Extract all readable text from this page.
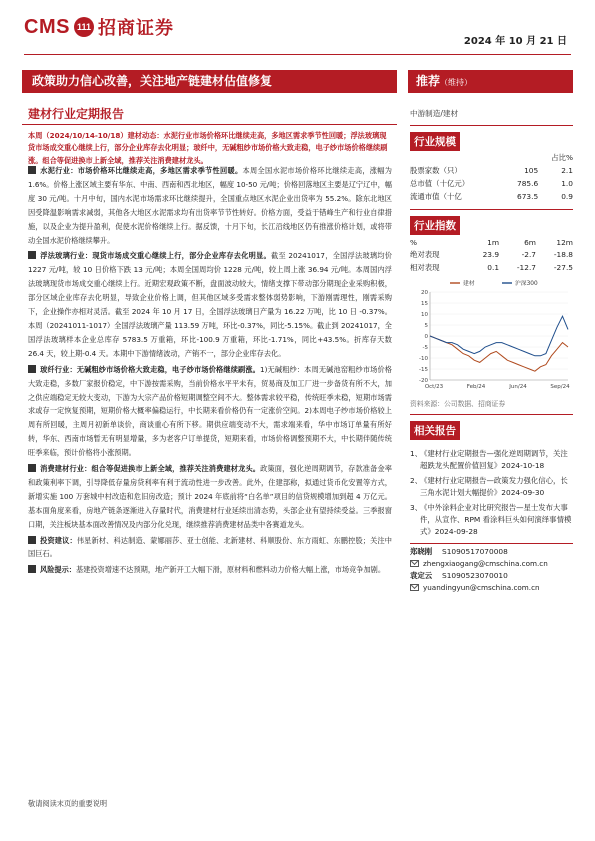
CMS 111 招商证券
2024 年 10 月 21 日
政策助力信心改善，关注地产链建材估值修复	推荐（维持）
建材行业定期报告
本周（2024/10/14-10/18）建材动态：水泥行业市场价格环比继续走高，多地区需求季节性回暖；浮法玻璃现货市场成交重心继续上行，部分企业库存去化明显；玻纤中，无碱粗纱市场价格大致走稳，电子纱市场价格继续刷涨。组合等促进换市上新全域，推荐关注消费建材龙头。

水泥行业：市场价格环比继续走高，多地区需求季节性回暖。本周全国水泥市场价格环比继续走高，涨幅为 1.6%。价格上涨区域主要有华东、中南、西南和西北地区，幅度 10-50 元/吨；价格回落地区主要是辽宁辽中，幅度 30 元/吨。十月中旬，国内水泥市场需求环比继续提升，全国重点地区水泥企业出货率为 55.2%。除东北地区因受降温影响需求减弱，其他各大地区水泥需求均有出货率节节性转好。价格方面，受益于错峰生产和行业自律措施，以及企业为提升盈利，促使水泥价格继续上行。据反馈，十月下旬，长江沿线地区仍有推涨价格计划，或将带动全国水泥价格继续攀升。

浮法玻璃行业：现货市场成交重心继续上行，部分企业库存去化明显。截至 20241017，全国浮法玻璃均价 1227 元/吨，较 10 日价格下跌 13 元/吨；本周全国周均价 1228 元/吨，较上周上涨 36.94 元/吨。本周国内浮法玻璃现货市场成交重心继续上行。近期宏观政策不断，盘面波动较大，情绪支撑下带动部分期现企业采购积极，部分区域企业库存去化明显，导致企业价格上调，但其他区域多受需求整体弱势影响，下游刚需理性，刚需采购下，企业操作亦相对灵活。截至 2024 年 10 月 17 日，全国浮法玻璃日产量为 16.22 万吨，比 10 日 -0.37%。本周（20241011-1017）全国浮法玻璃产量 113.59 万吨，环比-0.37%，同比-5.15%。截止到 20241017，全国浮法玻璃样本企业总库存 5783.5 万重箱，环比-100.9 万重箱，环比-1.71%，同比+43.5%。折库存天数 26.4 天，较上期-0.4 天。本期中下游情绪波动，产销不一，部分企业库存去化。

玻纤行业：无碱粗纱市场价格大致走稳，电子纱市场价格继续刷涨。1)无碱粗纱：本周无碱池窑粗纱市场价格大致走稳，多数厂家报价稳定，中下游按需采购，当前价格水平平未有，贸易商及加工厂进一步备货有所不大，加之供应端稳定无较大变动，下游为大宗产品价格短期调整空间不大。整体需求较平稳，传统旺季未稳，短期市场需求或存一定恢复预期，短期价格大概率偏稳运行，中长期来看价格仍有一定涨价空间。2)本周电子纱市场价格较上周有所回暖，主周月初新单谈价，商谈重心有所下移。期供应端变动不大，需求端来看，华中市场订单量有所好转，华东、西南市场暂无有明显增量，多为老客户订单提货，短期来看，市场价格调整预期不大，中长期伴随传统旺季来临，预计价格将小涨预期。

消费建材行业：组合等促进换市上新全域，推荐关注消费建材龙头。政策面，强化逆周期调节，存款准备金率和政策利率下调，引导降低存量房贷利率有利于流动性进一步改善。此外，住建部称，拟通过货币化安置等方式，新增实施 100 万套城中村改造和危旧房改造；预计 2024 年底前将“白名单”项目的信贷规模增加到超 4 万亿元。基本面角度来看，房地产链条逐渐进入存量时代，消费建材行业延续出清态势，头部企业有望持续受益。三季报窗口期，关注板块基本面改善情况及内部分化兑现，继续推荐消费建材品类中各赛道龙头。

投资建议：伟星新材、科达制造、蒙娜丽莎、亚士创能、北新建材、科顺股份、东方雨虹、东鹏控股；关注中国巨石。

风险提示：基建投资增速不达预期，地产新开工大幅下滑，原材料和燃料动力价格大幅上涨，市场竞争加剧。

敬请阅读末页的重要说明
中游制造/建材
行业规模
		占比%
股票家数（只）	105	2.1
总市值（十亿元）	785.6	1.0
流通市值（十亿	673.5	0.9
行业指数
%	1m	6m	12m
绝对表现	23.9	-2.7	-18.8
相对表现	0.1	-12.7	-27.5
20
15
10
5
0
-5
-10
-15
-20
Oct/23	Feb/24	Jun/24	Sep/24
建材	沪深300
资料来源：公司数据、招商证券
相关报告
1、
《建材行业定期报告—强化逆周期调节，关注超跌龙头配置价值回复》2024-10-18
2、
《建材行业定期报告—政策发力强化信心，长三角水泥计划大幅提价》2024-09-30
3、
《中外涂料企业对比研究报告—星士发布大事件，从宣作、RPM 看涂料巨头如何演绎事情模式》2024-09-28
郑晓刚	S1090517070008
zhengxiaogang@cmschina.com.cn
袁定云	S1090523070010
yuandingyun@cmschina.com.cn
